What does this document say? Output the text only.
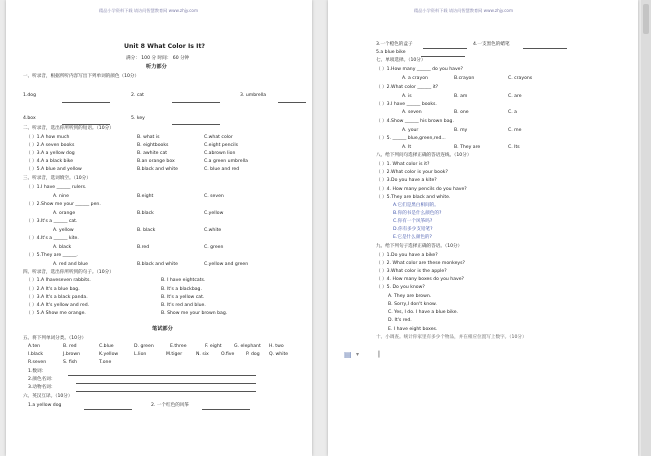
精品小学资料下载 请访问智慧教育网 www.zhjy.com
Unit 8 What Color Is It?
满分： 100 分 时间： 60 分钟
听力部分
一、听录音，根据所听内容写出下列单词的颜色（10分）
1.dog	2. cat	3. umbrella
4.box	5. key
二、听录音，选出你所听到的短语。（10分）
（ ）1.A how much	B. what is	C.what color
（ ）2.A seven books	B. eightbooks	C.eight pencils
（ ）3.A a yellow dog	B. awhite cat	C.abrown lion
（ ）4.A a black bike	B.an orange box	C.a green umbrella
（ ）5.A blue and yellow	B.black and white	C. blue and red
三、听录音，选词填空。（10分）
（ ）1.I have ______ rulers.
A. nine	B.eight	C. seven
（ ）2.Show me your ______ pen.
A. orange	B.black	C.yellow
（ ）3.It's a ______ cat.
A. yellow	B. black	C.white
（ ）4.It's a ______ kite.
A. black	B.red	C. green
（ ）5.They are ______.
A. red and blue	B.black and white	C.yellow and green
四、听录音，选出你所听到的句子。（10分）
（ ）1.A Ihaveseven rabbits.	B. I have eightcats.
（ ）2.A It's a blue bag.	B. It's a blackbag.
（ ）3.A It's a black panda.	B. It's a yellow cat.
（ ）4.A It's yellow and red.	B. It's red and blue.
（ ）5.A Show me orange.	B. Show me your brown bag.
笔试部分
五、将下列单词分类。（10分）
A.ten	B. red	C.blue	D. green	E.three	F. eight	G. elephant H. two
I.black	J.brown	K.yellow	L.lion	M.tiger	N. six	O.five	P. dog Q. white
R.seven	S. fish	T.one
1.数词：
2.颜色名词：
3.动物名词：
六、英汉互译。（10分）
1.a yellow dog	2. 一个红色的风筝
▤ ▾ ❙
精品小学资料下载 请访问智慧教育网 www.zhjy.com
3.一个橙色的盒子	4.一支黑色的蜡笔
5.a blue bike
七、单项选择。（10分）
（ ）1.How many ______ do you have?
A. a crayon	B.crayon	C. crayons
（ ）2.What color ______ it?
A. is	B. am	C. are
（ ）3.I have ______ books.
A. seven	B. one	C. a
（ ）4.Show ______ his brown bag.
A. your	B. my	C. me
（ ）5. ______ blue,green,red...
A. It	B. They are	C. Its
八、给下列问句选择正确的答语连线。（10分）
（ ）1. What color is it?
（ ）2.What color is your book?
（ ）3.Do you have a kite?
（ ）4. How many pencils do you have?
（ ）5.They are black and white.
A.它们是黑白相间的。
B.你的书是什么颜色的?
C.你有一个风筝吗?
D.你有多少支铅笔?
E.它是什么颜色的?
九、给下列句子选择正确的答语。（10分）
（ ）1.Do you have a bike?
（ ）2. What color are these monkeys?
（ ）3.What color is the apple?
（ ）4. How many boxes do you have?
（ ）5. Do you know?
A. They are brown.
B. Sorry,I don't know.
C. Yes, I do. I have a blue bike.
D. It's red.
E. I have eight boxes.
十、小调查。统计你家里有多少个物品，并在相应位置写上数字。（10分）
